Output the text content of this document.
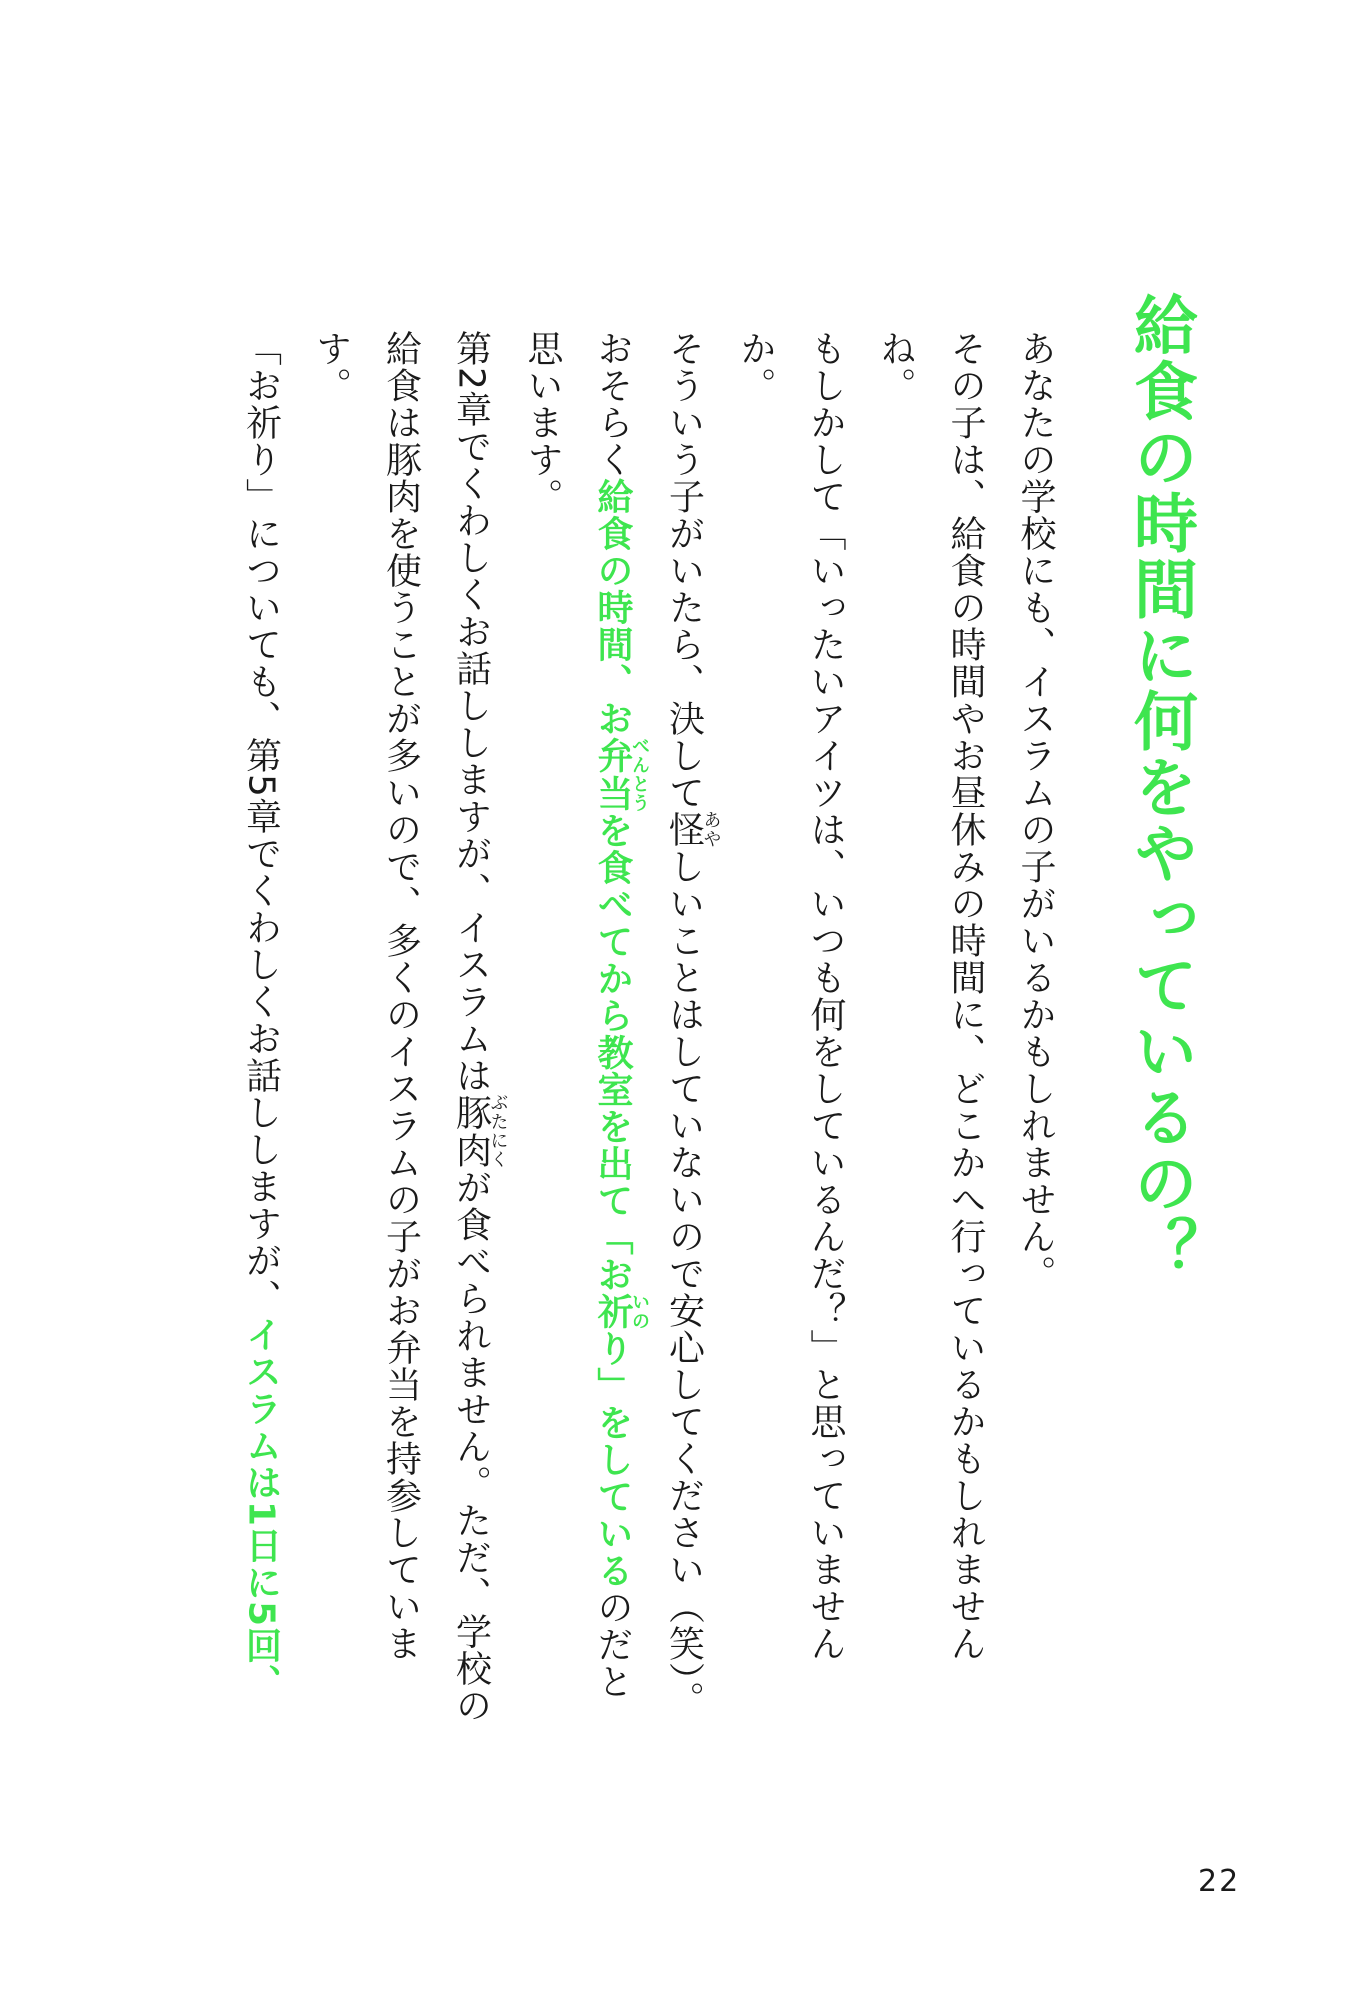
給食の時間に何をやっているの？

あなたの学校にも、イスラムの子がいるかもしれません。

その子は、給食の時間やお昼休みの時間に、どこかへ行っているかもしれませんね。

もしかして「いったいアイツは、いつも何をしているんだ？」と思っていませんか。

そういう子がいたら、決して怪あやしいことはしていないので安心してください（笑）。

おそらく給食の時間、お弁当べんとうを食べてから教室を出て「お祈いのり」をしているのだと思います。

第2章でくわしくお話ししますが、イスラムは豚肉ぶたにくが食べられません。ただ、学校の給食は豚肉を使うことが多いので、多くのイスラムの子がお弁当を持参しています。

「お祈り」についても、第5章でくわしくお話ししますが、イスラムは1日に5回、

22
